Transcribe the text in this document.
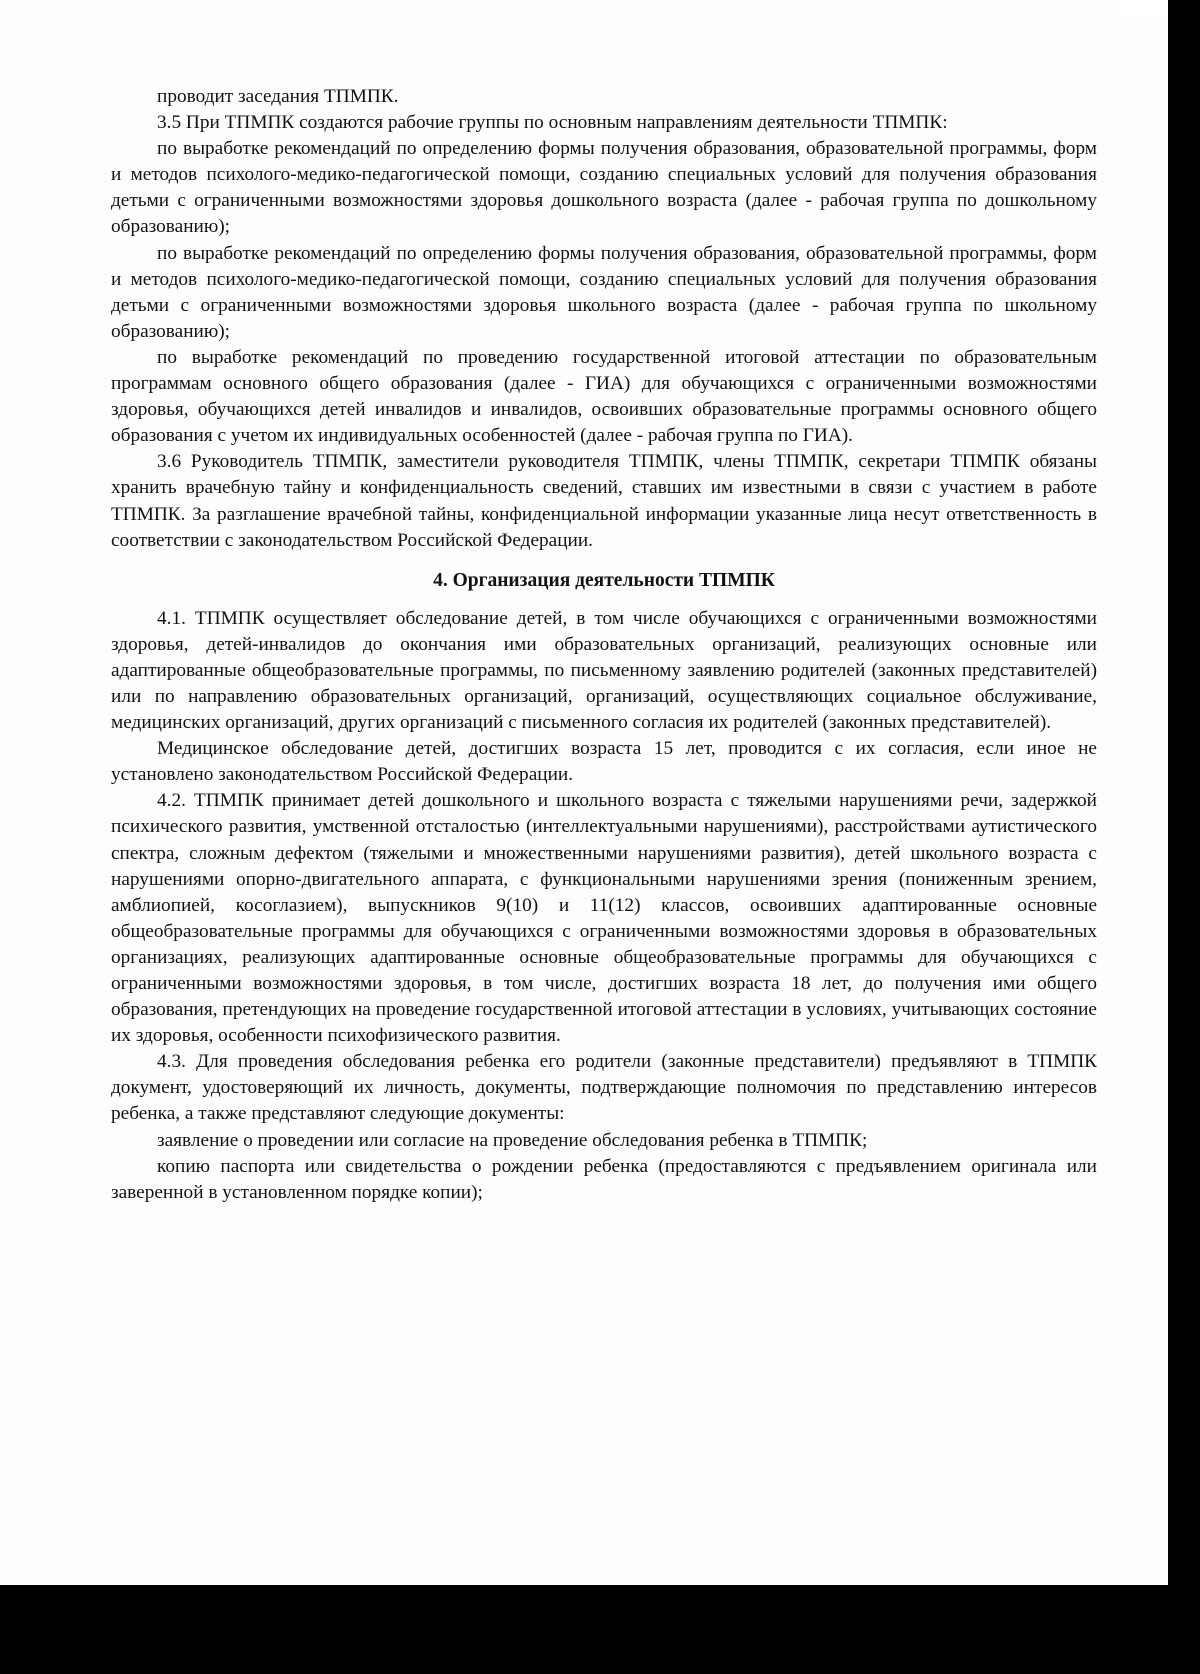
проводит заседания ТПМПК.

3.5 При ТПМПК создаются рабочие группы по основным направлениям деятельности ТПМПК:

по выработке рекомендаций по определению формы получения образования, образовательной программы, форм и методов психолого-медико-педагогической помощи, созданию специальных условий для получения образования детьми с ограниченными возможностями здоровья дошкольного возраста (далее - рабочая группа по дошкольному образованию);

по выработке рекомендаций по определению формы получения образования, образовательной программы, форм и методов психолого-медико-педагогической помощи, созданию специальных условий для получения образования детьми с ограниченными возможностями здоровья школьного возраста (далее - рабочая группа по школьному образованию);

по выработке рекомендаций по проведению государственной итоговой аттестации по образовательным программам основного общего образования (далее - ГИА) для обучающихся с ограниченными возможностями здоровья, обучающихся детей инвалидов и инвалидов, освоивших образовательные программы основного общего образования с учетом их индивидуальных особенностей (далее - рабочая группа по ГИА).

3.6 Руководитель ТПМПК, заместители руководителя ТПМПК, члены ТПМПК, секретари ТПМПК обязаны хранить врачебную тайну и конфиденциальность сведений, ставших им известными в связи с участием в работе ТПМПК. За разглашение врачебной тайны, конфиденциальной информации указанные лица несут ответственность в соответствии с законодательством Российской Федерации.

4. Организация деятельности ТПМПК

4.1. ТПМПК осуществляет обследование детей, в том числе обучающихся с ограниченными возможностями здоровья, детей-инвалидов до окончания ими образовательных организаций, реализующих основные или адаптированные общеобразовательные программы, по письменному заявлению родителей (законных представителей) или по направлению образовательных организаций, организаций, осуществляющих социальное обслуживание, медицинских организаций, других организаций с письменного согласия их родителей (законных представителей).

Медицинское обследование детей, достигших возраста 15 лет, проводится с их согласия, если иное не установлено законодательством Российской Федерации.

4.2. ТПМПК принимает детей дошкольного и школьного возраста с тяжелыми нарушениями речи, задержкой психического развития, умственной отсталостью (интеллектуальными нарушениями), расстройствами аутистического спектра, сложным дефектом (тяжелыми и множественными нарушениями развития), детей школьного возраста с нарушениями опорно-двигательного аппарата, с функциональными нарушениями зрения (пониженным зрением, амблиопией, косоглазием), выпускников 9(10) и 11(12) классов, освоивших адаптированные основные общеобразовательные программы для обучающихся с ограниченными возможностями здоровья в образовательных организациях, реализующих адаптированные основные общеобразовательные программы для обучающихся с ограниченными возможностями здоровья, в том числе, достигших возраста 18 лет, до получения ими общего образования, претендующих на проведение государственной итоговой аттестации в условиях, учитывающих состояние их здоровья, особенности психофизического развития.

4.3. Для проведения обследования ребенка его родители (законные представители) предъявляют в ТПМПК документ, удостоверяющий их личность, документы, подтверждающие полномочия по представлению интересов ребенка, а также представляют следующие документы:

заявление о проведении или согласие на проведение обследования ребенка в ТПМПК;

копию паспорта или свидетельства о рождении ребенка (предоставляются с предъявлением оригинала или заверенной в установленном порядке копии);
